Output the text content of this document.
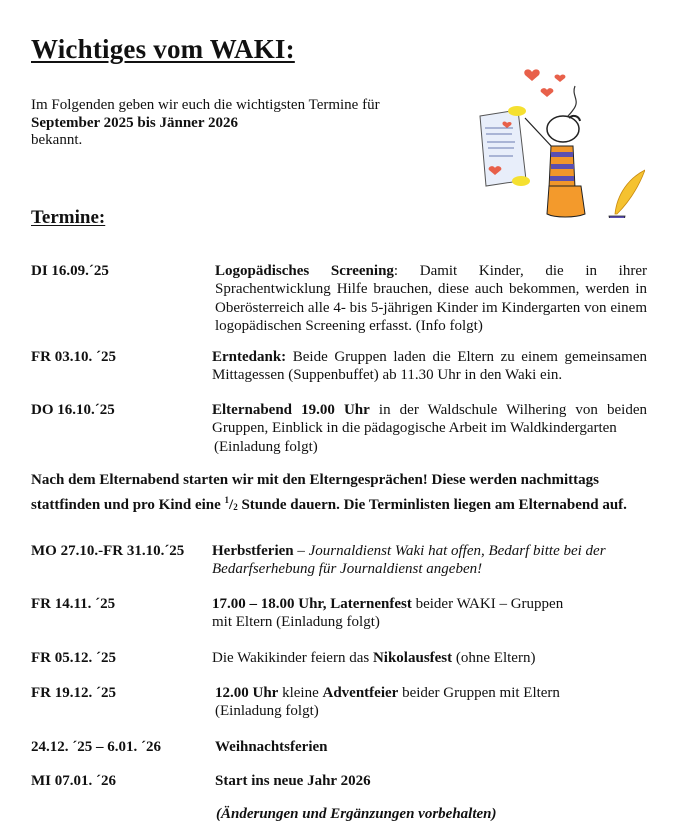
Wichtiges vom WAKI:
Im Folgenden geben wir euch die wichtigsten Termine für September 2025 bis Jänner 2026
bekannt.
Termine:
DI 16.09.´25	Logopädisches Screening: Damit Kinder, die in ihrer Sprachentwicklung Hilfe brauchen, diese auch bekommen, werden in Oberösterreich alle 4- bis 5-jährigen Kinder im Kindergarten von einem logopädischen Screening erfasst. (Info folgt)
FR 03.10. ´25	Erntedank: Beide Gruppen laden die Eltern zu einem gemeinsamen Mittagessen (Suppenbuffet) ab 11.30 Uhr in den Waki ein.
DO 16.10.´25	Elternabend 19.00 Uhr in der Waldschule Wilhering von beiden Gruppen, Einblick in die pädagogische Arbeit im Waldkindergarten
(Einladung folgt)
Nach dem Elternabend starten wir mit den Elterngesprächen! Diese werden nachmittags
stattfinden und pro Kind eine $^1/_2$ Stunde dauern. Die Terminlisten liegen am Elternabend auf.
MO 27.10.-FR 31.10.´25 Herbstferien – Journaldienst Waki hat offen, Bedarf bitte bei der Bedarfserhebung für Journaldienst angeben!
FR 14.11. ´25	17.00 – 18.00 Uhr, Laternenfest beider WAKI – Gruppen
mit Eltern (Einladung folgt)
FR 05.12. ´25	Die Wakikinder feiern das Nikolausfest (ohne Eltern)
FR 19.12. ´25	12.00 Uhr kleine Adventfeier beider Gruppen mit Eltern
(Einladung folgt)
24.12. ´25 – 6.01. ´26	Weihnachtsferien
MI 07.01. ´26	Start ins neue Jahr 2026
(Änderungen und Ergänzungen vorbehalten)
